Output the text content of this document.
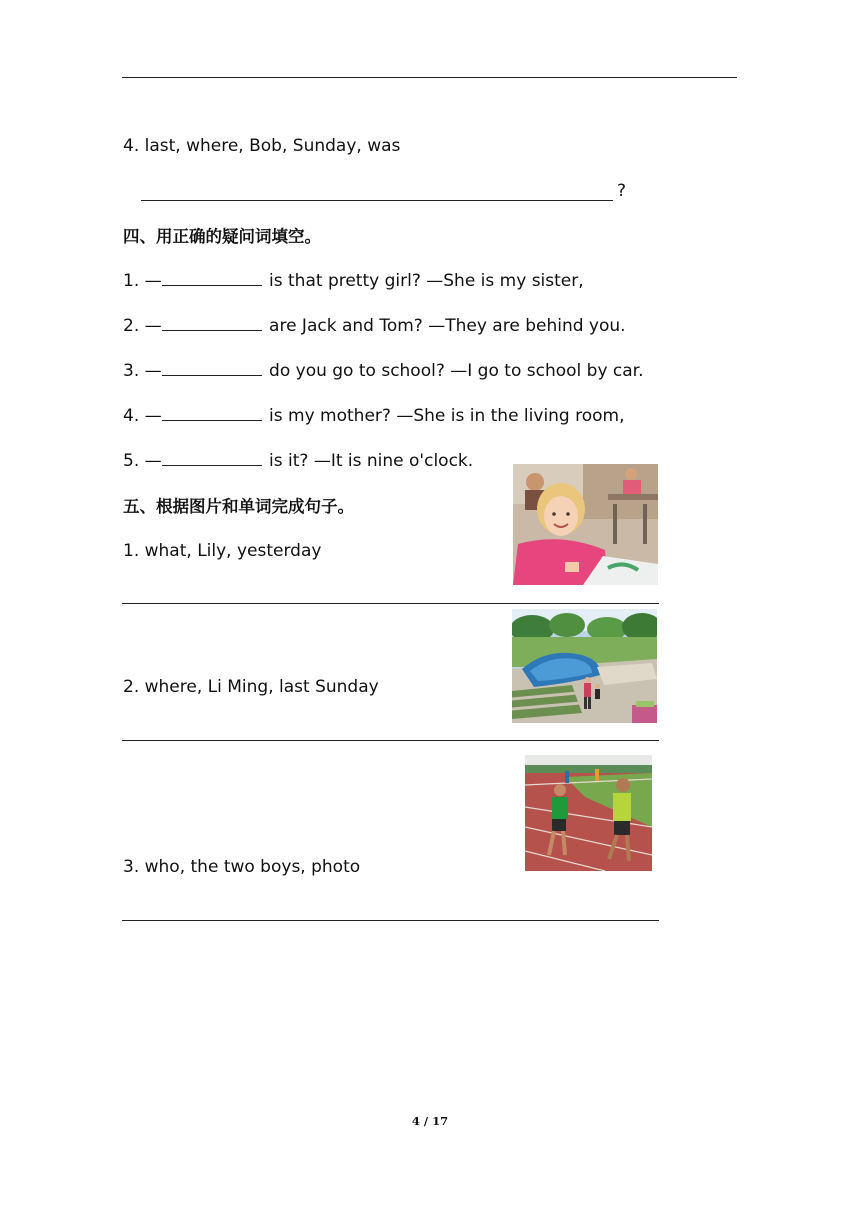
4. last, where, Bob, Sunday, was
?
四、用正确的疑问词填空。
1. —	is that pretty girl? —She is my sister,
2. —	are Jack and Tom? —They are behind you.
3. —	do you go to school? —I go to school by car.
4. —	is my mother? —She is in the living room,
5. —	is it? —It is nine o'clock.
五、根据图片和单词完成句子。
1. what, Lily, yesterday
2. where, Li Ming, last Sunday
3. who, the two boys, photo
4 / 17
